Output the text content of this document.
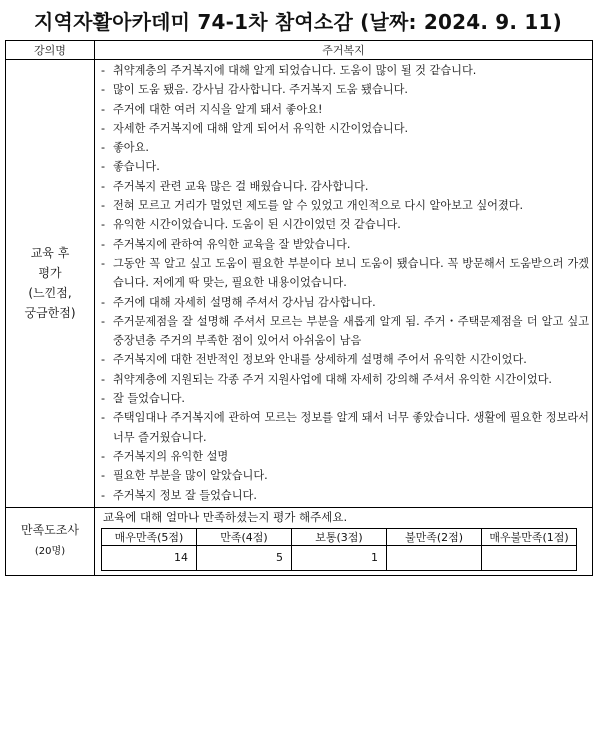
지역자활아카데미 74-1차 참여소감 (날짜: 2024. 9. 11)
강의명	주거복지

교육 후
평가
(느낀점,
궁금한점)

- 취약계층의 주거복지에 대해 알게 되었습니다. 도움이 많이 될 것 같습니다.
- 많이 도움 됐음. 강사님 감사합니다. 주거복지 도움 됐습니다.
- 주거에 대한 여러 지식을 알게 돼서 좋아요!
- 자세한 주거복지에 대해 알게 되어서 유익한 시간이었습니다.
- 좋아요.
- 좋습니다.
- 주거복지 관련 교육 많은 걸 배웠습니다. 감사합니다.
- 전혀 모르고 거리가 멀었던 제도를 알 수 있었고 개인적으로 다시 알아보고 싶어졌다.
- 유익한 시간이었습니다. 도움이 된 시간이었던 것 같습니다.
- 주거복지에 관하여 유익한 교육을 잘 받았습니다.
- 그동안 꼭 알고 싶고 도움이 필요한 부분이다 보니 도움이 됐습니다. 꼭 방문해서 도움받으러 가겠습니다. 저에게 딱 맞는, 필요한 내용이었습니다.
- 주거에 대해 자세히 설명해 주셔서 강사님 감사합니다.
- 주거문제점을 잘 설명해 주셔서 모르는 부분을 새롭게 알게 됨. 주거・주택문제점을 더 알고 싶고 중장년층 주거의 부족한 점이 있어서 아쉬움이 남음
- 주거복지에 대한 전반적인 정보와 안내를 상세하게 설명해 주어서 유익한 시간이었다.
- 취약계층에 지원되는 각종 주거 지원사업에 대해 자세히 강의해 주셔서 유익한 시간이었다.
- 잘 들었습니다.
- 주택임대나 주거복지에 관하여 모르는 정보를 알게 돼서 너무 좋았습니다. 생활에 필요한 정보라서 너무 즐거웠습니다.
- 주거복지의 유익한 설명
- 필요한 부분을 많이 알았습니다.
- 주거복지 정보 잘 들었습니다.

만족도조사
(20명)	
교육에 대해 얼마나 만족하셨는지 평가 해주세요.
매우만족(5점)	만족(4점)	보통(3점)	불만족(2점)	매우불만족(1점)
14	5	1		
